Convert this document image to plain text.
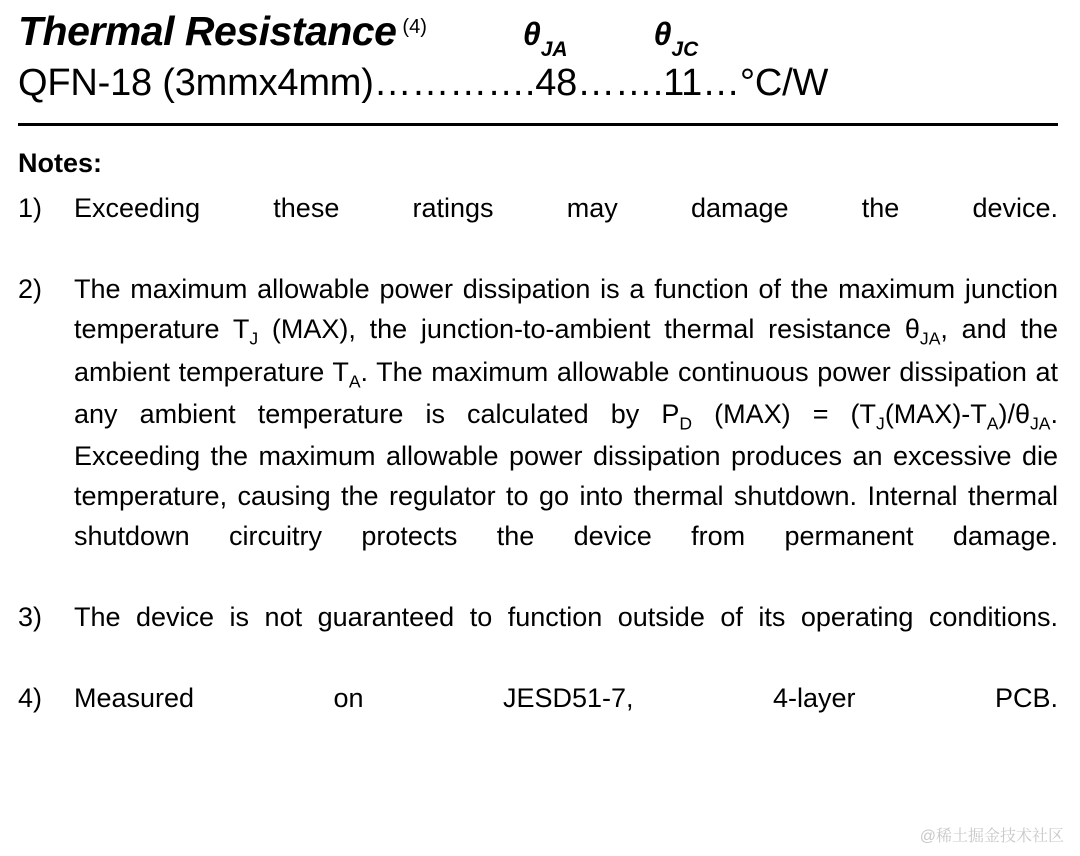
Thermal Resistance (4)	$\theta_{JA}$	$\theta_{JC}$
QFN-18 (3mmx4mm)………….48…….11…°C/W
Notes:
1)	Exceeding these ratings may damage the device.
2)	The maximum allowable power dissipation is a function of the maximum junction temperature $T_J$ (MAX), the junction-to-ambient thermal resistance $\theta_{JA}$, and the ambient temperature $T_A$. The maximum allowable continuous power dissipation at any ambient temperature is calculated by $P_D$ $(MAX) = (T_J(MAX)-T_A)/\theta_{JA}$. Exceeding the maximum allowable power dissipation produces an excessive die temperature, causing the regulator to go into thermal shutdown. Internal thermal shutdown circuitry protects the device from permanent damage.
3)	The device is not guaranteed to function outside of its operating conditions.
4)	Measured on JESD51-7, 4-layer PCB.
@稀土掘金技术社区
